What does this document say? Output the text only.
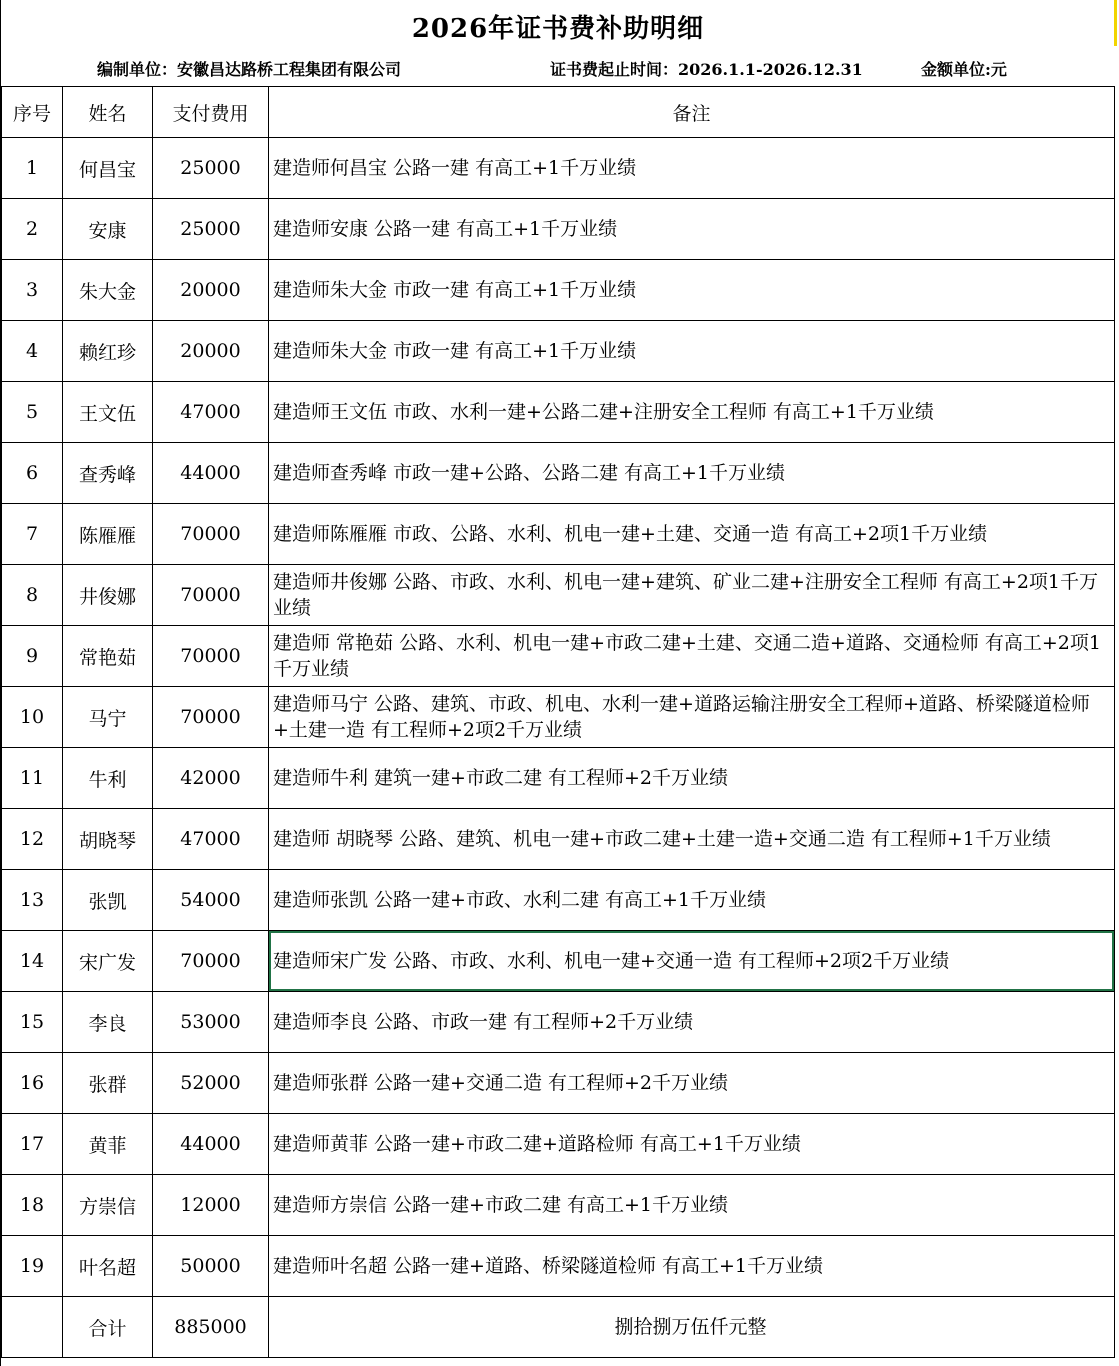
2026年证书费补助明细
编制单位：安徽昌达路桥工程集团有限公司	证书费起止时间：2026.1.1-2026.12.31	金额单位:元
序号	姓名	支付费用	备注
1	何昌宝	25000	建造师何昌宝 公路一建 有高工+1千万业绩
2	安康	25000	建造师安康 公路一建 有高工+1千万业绩
3	朱大金	20000	建造师朱大金 市政一建 有高工+1千万业绩
4	赖红珍	20000	建造师朱大金 市政一建 有高工+1千万业绩
5	王文伍	47000	建造师王文伍 市政、水利一建+公路二建+注册安全工程师 有高工+1千万业绩
6	查秀峰	44000	建造师查秀峰 市政一建+公路、公路二建 有高工+1千万业绩
7	陈雁雁	70000	建造师陈雁雁 市政、公路、水利、机电一建+土建、交通一造 有高工+2项1千万业绩
8	井俊娜	70000	建造师井俊娜 公路、市政、水利、机电一建+建筑、矿业二建+注册安全工程师 有高工+2项1千万业绩
9	常艳茹	70000	建造师 常艳茹 公路、水利、机电一建+市政二建+土建、交通二造+道路、交通检师 有高工+2项1千万业绩
10	马宁	70000	建造师马宁 公路、建筑、市政、机电、水利一建+道路运输注册安全工程师+道路、桥梁隧道检师+土建一造 有工程师+2项2千万业绩
11	牛利	42000	建造师牛利 建筑一建+市政二建 有工程师+2千万业绩
12	胡晓琴	47000	建造师 胡晓琴 公路、建筑、机电一建+市政二建+土建一造+交通二造 有工程师+1千万业绩
13	张凯	54000	建造师张凯 公路一建+市政、水利二建 有高工+1千万业绩
14	宋广发	70000	建造师宋广发 公路、市政、水利、机电一建+交通一造 有工程师+2项2千万业绩
15	李良	53000	建造师李良 公路、市政一建 有工程师+2千万业绩
16	张群	52000	建造师张群 公路一建+交通二造 有工程师+2千万业绩
17	黄菲	44000	建造师黄菲 公路一建+市政二建+道路检师 有高工+1千万业绩
18	方崇信	12000	建造师方崇信 公路一建+市政二建 有高工+1千万业绩
19	叶名超	50000	建造师叶名超 公路一建+道路、桥梁隧道检师 有高工+1千万业绩
	合计	885000	捌拾捌万伍仟元整
